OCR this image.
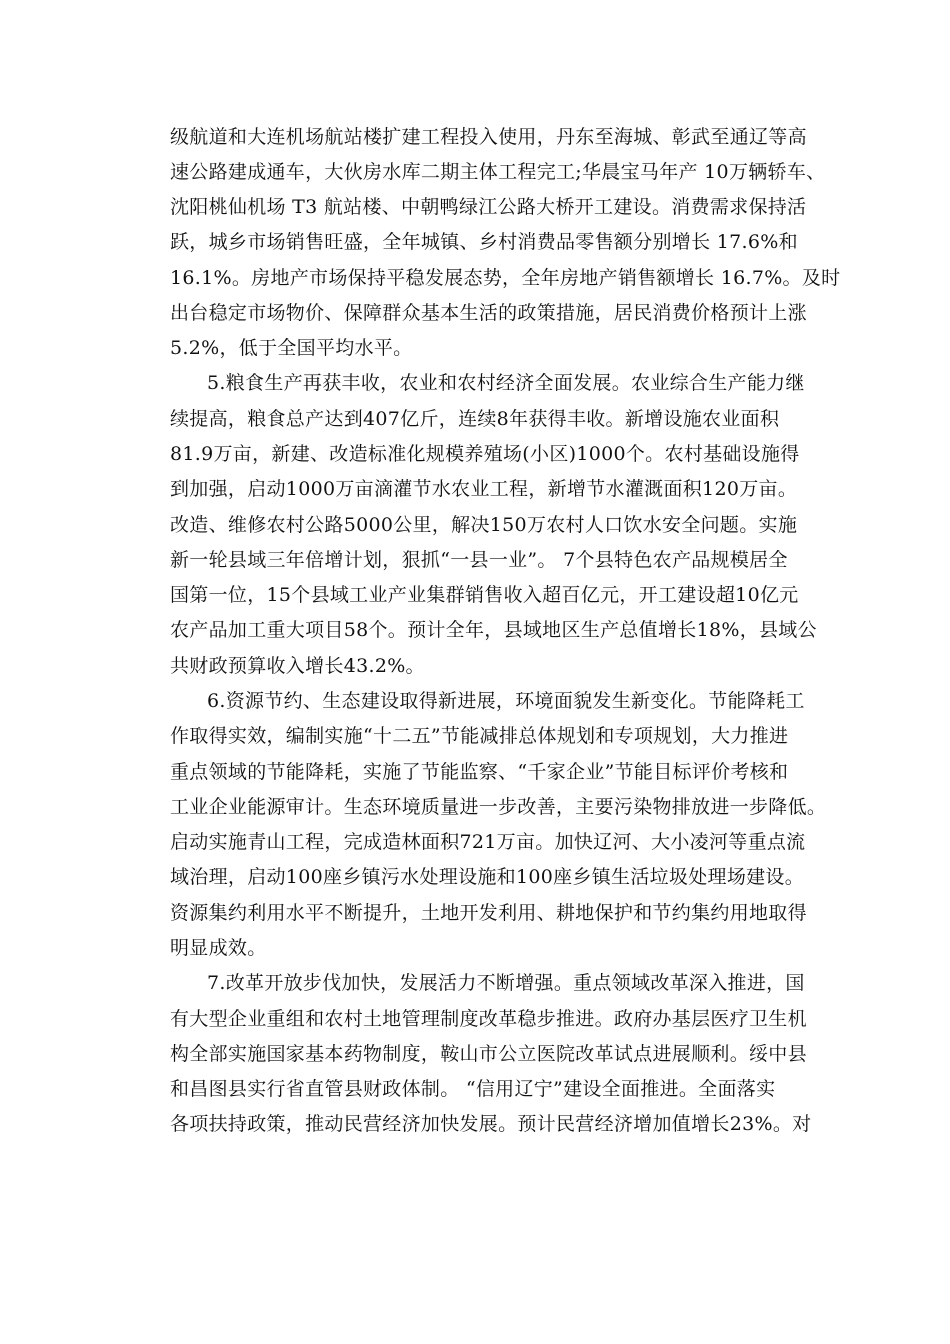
级航道和大连机场航站楼扩建工程投入使用，丹东至海城、彰武至通辽等高
速公路建成通车，大伙房水库二期主体工程完工;华晨宝马年产 10万辆轿车、
沈阳桃仙机场 T3 航站楼、中朝鸭绿江公路大桥开工建设。消费需求保持活
跃，城乡市场销售旺盛，全年城镇、乡村消费品零售额分别增长 17.6%和
16.1%。房地产市场保持平稳发展态势，全年房地产销售额增长 16.7%。及时
出台稳定市场物价、保障群众基本生活的政策措施，居民消费价格预计上涨
5.2%，低于全国平均水平。
5.粮食生产再获丰收，农业和农村经济全面发展。农业综合生产能力继
续提高，粮食总产达到407亿斤，连续8年获得丰收。新增设施农业面积
81.9万亩，新建、改造标准化规模养殖场(小区)1000个。农村基础设施得
到加强，启动1000万亩滴灌节水农业工程，新增节水灌溉面积120万亩。
改造、维修农村公路5000公里，解决150万农村人口饮水安全问题。实施
新一轮县域三年倍增计划，狠抓“一县一业”。 7个县特色农产品规模居全
国第一位，15个县域工业产业集群销售收入超百亿元，开工建设超10亿元
农产品加工重大项目58个。预计全年，县域地区生产总值增长18%，县域公
共财政预算收入增长43.2%。
6.资源节约、生态建设取得新进展，环境面貌发生新变化。节能降耗工
作取得实效，编制实施“十二五”节能减排总体规划和专项规划，大力推进
重点领域的节能降耗，实施了节能监察、“千家企业”节能目标评价考核和
工业企业能源审计。生态环境质量进一步改善，主要污染物排放进一步降低。
启动实施青山工程，完成造林面积721万亩。加快辽河、大小凌河等重点流
域治理，启动100座乡镇污水处理设施和100座乡镇生活垃圾处理场建设。
资源集约利用水平不断提升，土地开发利用、耕地保护和节约集约用地取得
明显成效。
7.改革开放步伐加快，发展活力不断增强。重点领域改革深入推进，国
有大型企业重组和农村土地管理制度改革稳步推进。政府办基层医疗卫生机
构全部实施国家基本药物制度，鞍山市公立医院改革试点进展顺利。绥中县
和昌图县实行省直管县财政体制。 “信用辽宁”建设全面推进。全面落实
各项扶持政策，推动民营经济加快发展。预计民营经济增加值增长23%。对
